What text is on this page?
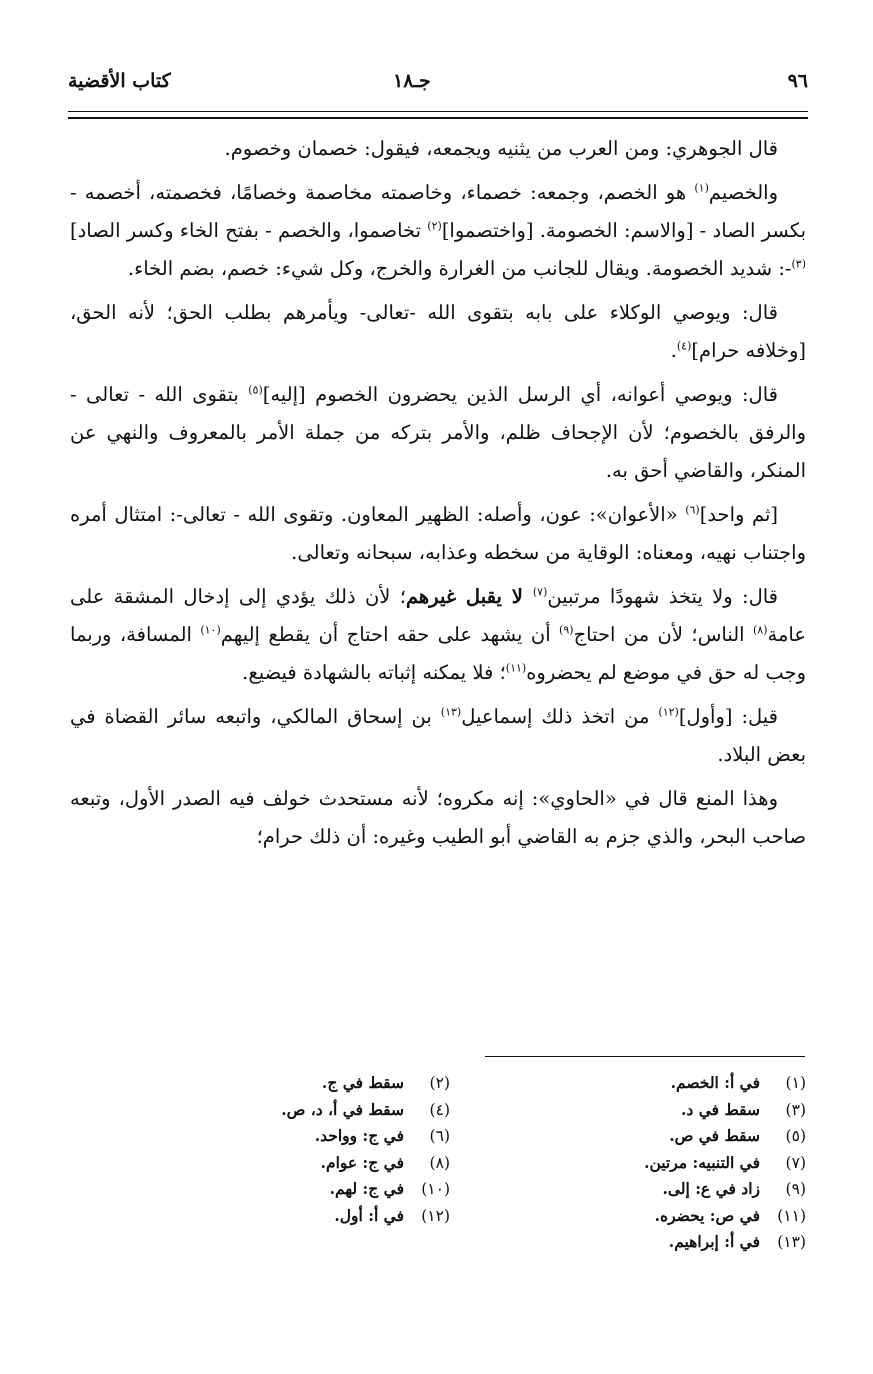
٩٦
جـ١٨
كتاب الأقضية

قال الجوهري: ومن العرب من يثنيه ويجمعه، فيقول: خصمان وخصوم.

والخصيم$^{(١)}$ هو الخصم، وجمعه: خصماء، وخاصمته مخاصمة وخصامًا، فخصمته، أخصمه - بكسر الصاد - [والاسم: الخصومة. [واختصموا]$^{(٢)}$ تخاصموا، والخصم - بفتح الخاء وكسر الصاد]$^{(٣)}$-: شديد الخصومة. ويقال للجانب من الغرارة والخرج، وكل شيء: خصم، بضم الخاء.

قال: ويوصي الوكلاء على بابه بتقوى الله -تعالى- ويأمرهم بطلب الحق؛ لأنه الحق، [وخلافه حرام]$^{(٤)}$.

قال: ويوصي أعوانه، أي الرسل الذين يحضرون الخصوم [إليه]$^{(٥)}$ بتقوى الله - تعالى - والرفق بالخصوم؛ لأن الإجحاف ظلم، والأمر بتركه من جملة الأمر بالمعروف والنهي عن المنكر، والقاضي أحق به.

[ثم واحد]$^{(٦)}$ «الأعوان»: عون، وأصله: الظهير المعاون. وتقوى الله - تعالى-: امتثال أمره واجتناب نهيه، ومعناه: الوقاية من سخطه وعذابه، سبحانه وتعالى.

قال: ولا يتخذ شهودًا مرتبين$^{(٧)}$ لا يقبل غيرهم؛ لأن ذلك يؤدي إلى إدخال المشقة على عامة$^{(٨)}$ الناس؛ لأن من احتاج$^{(٩)}$ أن يشهد على حقه احتاج أن يقطع إليهم$^{(١٠)}$ المسافة، وربما وجب له حق في موضع لم يحضروه$^{(١١)}$؛ فلا يمكنه إثباته بالشهادة فيضيع.

قيل: [وأول]$^{(١٢)}$ من اتخذ ذلك إسماعيل$^{(١٣)}$ بن إسحاق المالكي، واتبعه سائر القضاة في بعض البلاد.

وهذا المنع قال في «الحاوي»: إنه مكروه؛ لأنه مستحدث خولف فيه الصدر الأول، وتبعه صاحب البحر، والذي جزم به القاضي أبو الطيب وغيره: أن ذلك حرام؛

(١)
في أ: الخصم.
(٣)
سقط في د.
(٥)
سقط في ص.
(٧)
في التنبيه: مرتين.
(٩)
زاد في ع: إلى.
(١١)
في ص: يحضره.
(١٣)
في أ: إبراهيم.
(٢)
سقط في ج.
(٤)
سقط في أ، د، ص.
(٦)
في ج: وواحد.
(٨)
في ج: عوام.
(١٠)
في ج: لهم.
(١٢)
في أ: أول.
